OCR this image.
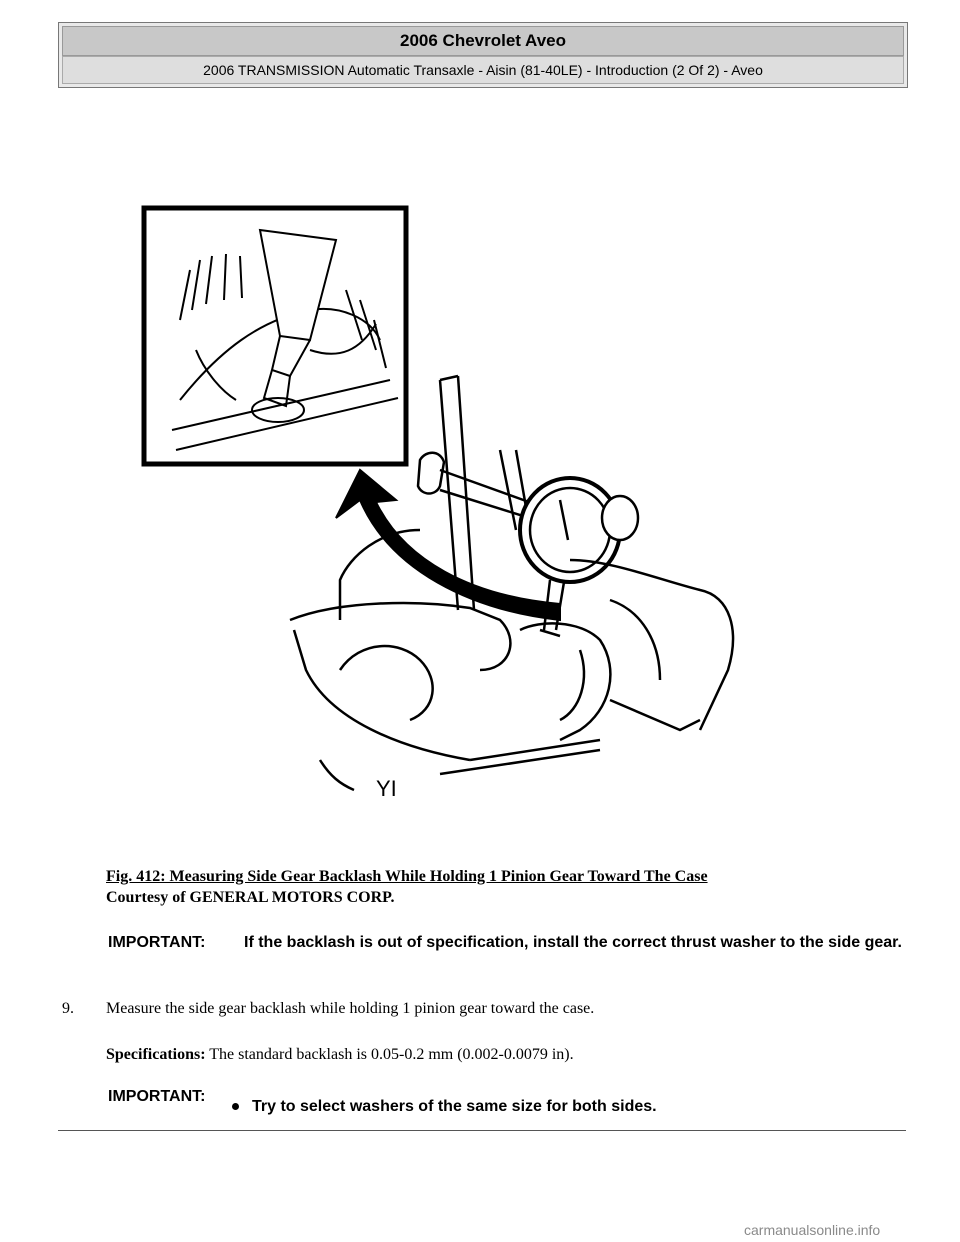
2006 Chevrolet Aveo
2006 TRANSMISSION Automatic Transaxle - Aisin (81-40LE) - Introduction (2 Of 2) - Aveo
YI
Fig. 412: Measuring Side Gear Backlash While Holding 1 Pinion Gear Toward The Case
Courtesy of GENERAL MOTORS CORP.
IMPORTANT: If the backlash is out of specification, install the correct thrust washer to the side gear.
9. Measure the side gear backlash while holding 1 pinion gear toward the case.
Specifications: The standard backlash is 0.05-0.2 mm (0.002-0.0079 in).
IMPORTANT:
Try to select washers of the same size for both sides.
carmanualsonline.info
